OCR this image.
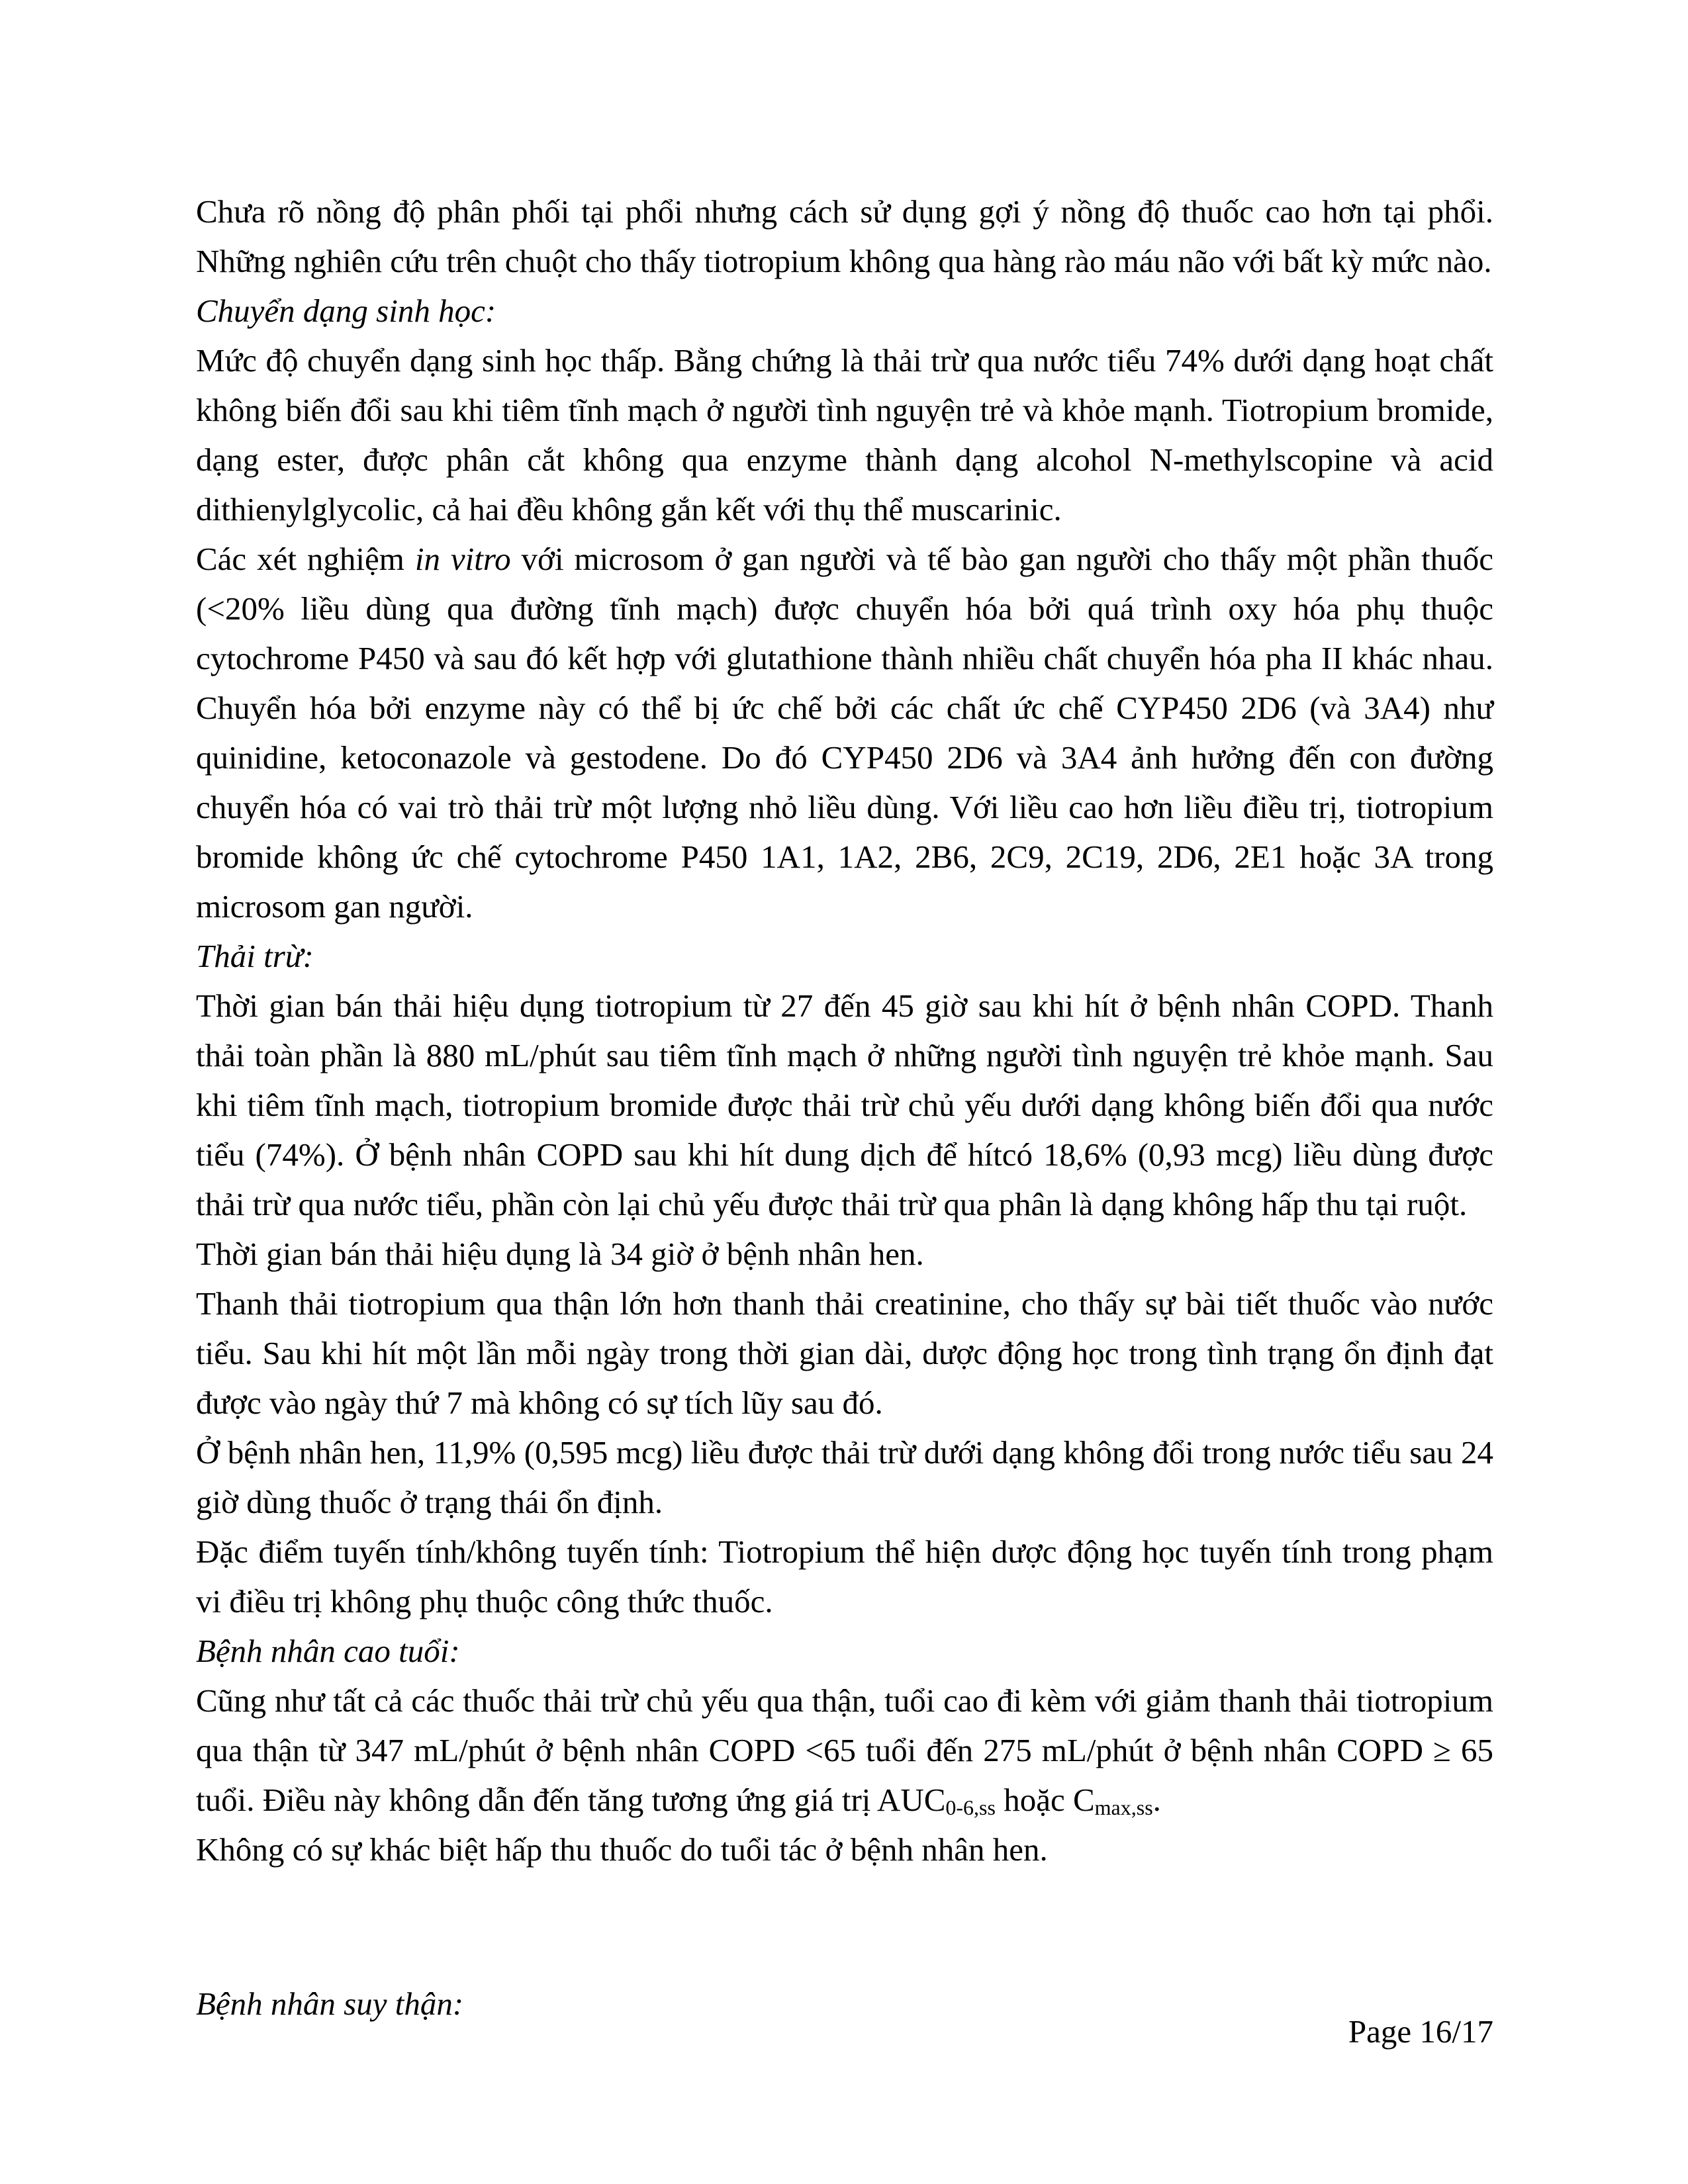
Chưa rõ nồng độ phân phối tại phổi nhưng cách sử dụng gợi ý nồng độ thuốc cao hơn tại phổi. Những nghiên cứu trên chuột cho thấy tiotropium không qua hàng rào máu não với bất kỳ mức nào.

Chuyển dạng sinh học:

Mức độ chuyển dạng sinh học thấp. Bằng chứng là thải trừ qua nước tiểu 74% dưới dạng hoạt chất không biến đổi sau khi tiêm tĩnh mạch ở người tình nguyện trẻ và khỏe mạnh. Tiotropium bromide, dạng ester, được phân cắt không qua enzyme thành dạng alcohol N-methylscopine và acid dithienylglycolic, cả hai đều không gắn kết với thụ thể muscarinic.

Các xét nghiệm in vitro với microsom ở gan người và tế bào gan người cho thấy một phần thuốc (<20% liều dùng qua đường tĩnh mạch) được chuyển hóa bởi quá trình oxy hóa phụ thuộc cytochrome P450 và sau đó kết hợp với glutathione thành nhiều chất chuyển hóa pha II khác nhau. Chuyển hóa bởi enzyme này có thể bị ức chế bởi các chất ức chế CYP450 2D6 (và 3A4) như quinidine, ketoconazole và gestodene. Do đó CYP450 2D6 và 3A4 ảnh hưởng đến con đường chuyển hóa có vai trò thải trừ một lượng nhỏ liều dùng. Với liều cao hơn liều điều trị, tiotropium bromide không ức chế cytochrome P450 1A1, 1A2, 2B6, 2C9, 2C19, 2D6, 2E1 hoặc 3A trong microsom gan người.

Thải trừ:

Thời gian bán thải hiệu dụng tiotropium từ 27 đến 45 giờ sau khi hít ở bệnh nhân COPD. Thanh thải toàn phần là 880 mL/phút sau tiêm tĩnh mạch ở những người tình nguyện trẻ khỏe mạnh. Sau khi tiêm tĩnh mạch, tiotropium bromide được thải trừ chủ yếu dưới dạng không biến đổi qua nước tiểu (74%). Ở bệnh nhân COPD sau khi hít dung dịch để hítcó 18,6% (0,93 mcg) liều dùng được thải trừ qua nước tiểu, phần còn lại chủ yếu được thải trừ qua phân là dạng không hấp thu tại ruột.

Thời gian bán thải hiệu dụng là 34 giờ ở bệnh nhân hen.

Thanh thải tiotropium qua thận lớn hơn thanh thải creatinine, cho thấy sự bài tiết thuốc vào nước tiểu. Sau khi hít một lần mỗi ngày trong thời gian dài, dược động học trong tình trạng ổn định đạt được vào ngày thứ 7 mà không có sự tích lũy sau đó.

Ở bệnh nhân hen, 11,9% (0,595 mcg) liều được thải trừ dưới dạng không đổi trong nước tiểu sau 24 giờ dùng thuốc ở trạng thái ổn định.

Đặc điểm tuyến tính/không tuyến tính: Tiotropium thể hiện dược động học tuyến tính trong phạm vi điều trị không phụ thuộc công thức thuốc.

Bệnh nhân cao tuổi:

Cũng như tất cả các thuốc thải trừ chủ yếu qua thận, tuổi cao đi kèm với giảm thanh thải tiotropium qua thận từ 347 mL/phút ở bệnh nhân COPD <65 tuổi đến 275 mL/phút ở bệnh nhân COPD ≥ 65 tuổi. Điều này không dẫn đến tăng tương ứng giá trị $AUC_{0-6,ss}$ hoặc $C_{max,ss}$.

Không có sự khác biệt hấp thu thuốc do tuổi tác ở bệnh nhân hen.

Bệnh nhân suy thận:

Page 16/17
